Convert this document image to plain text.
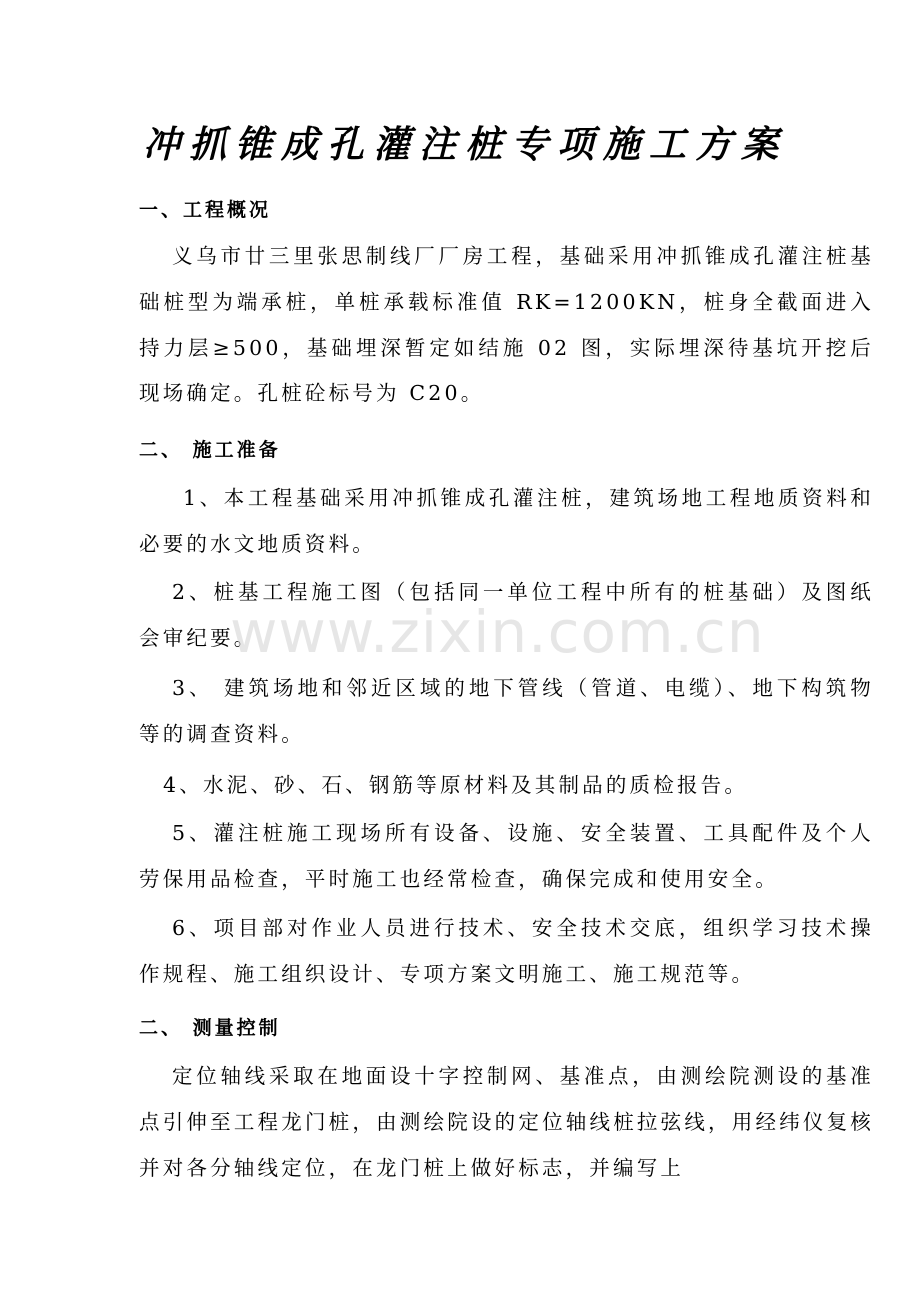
冲抓锥成孔灌注桩专项施工方案
一、工程概况

义乌市廿三里张思制线厂厂房工程，基础采用冲抓锥成孔灌注桩基础桩型为端承桩，单桩承载标准值 RK=1200KN，桩身全截面进入持力层≥500，基础埋深暂定如结施 02 图，实际埋深待基坑开挖后现场确定。孔桩砼标号为 C20。

二、 施工准备

1、本工程基础采用冲抓锥成孔灌注桩，建筑场地工程地质资料和必要的水文地质资料。

2、桩基工程施工图（包括同一单位工程中所有的桩基础）及图纸会审纪要。

3、 建筑场地和邻近区域的地下管线（管道、电缆）、地下构筑物等的调查资料。

4、水泥、砂、石、钢筋等原材料及其制品的质检报告。

5、灌注桩施工现场所有设备、设施、安全装置、工具配件及个人劳保用品检查，平时施工也经常检查，确保完成和使用安全。

6、项目部对作业人员进行技术、安全技术交底，组织学习技术操作规程、施工组织设计、专项方案文明施工、施工规范等。

二、 测量控制

定位轴线采取在地面设十字控制网、基准点，由测绘院测设的基准点引伸至工程龙门桩，由测绘院设的定位轴线桩拉弦线，用经纬仪复核并对各分轴线定位，在龙门桩上做好标志，并编写上

www.zixin.com.cn
